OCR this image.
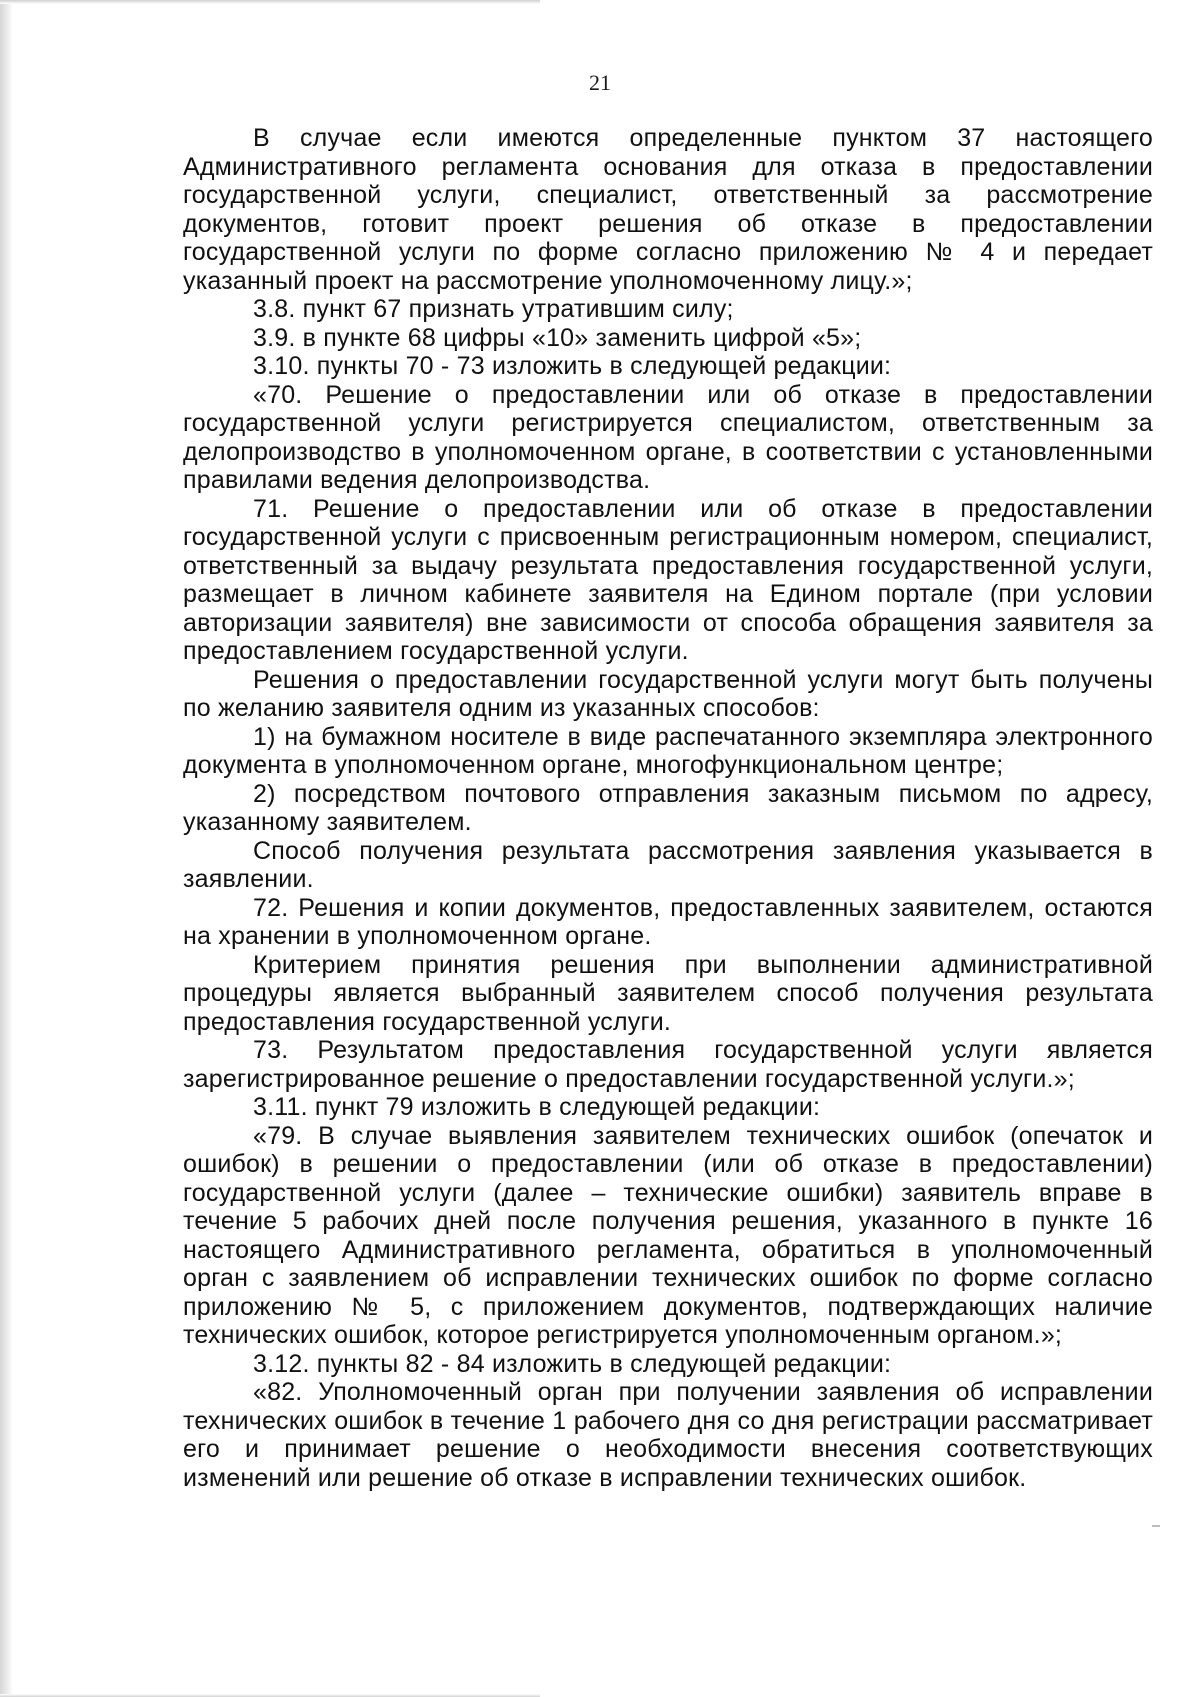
21

В случае если имеются определенные пунктом 37 настоящего Административного регламента основания для отказа в предоставлении государственной услуги, специалист, ответственный за рассмотрение документов, готовит проект решения об отказе в предоставлении государственной услуги по форме согласно приложению № 4 и передает указанный проект на рассмотрение уполномоченному лицу.»;

3.8. пункт 67 признать утратившим силу;

3.9. в пункте 68 цифры «10» заменить цифрой «5»;

3.10. пункты 70 - 73 изложить в следующей редакции:

«70. Решение о предоставлении или об отказе в предоставлении государственной услуги регистрируется специалистом, ответственным за делопроизводство в уполномоченном органе, в соответствии с установленными правилами ведения делопроизводства.

71. Решение о предоставлении или об отказе в предоставлении государственной услуги с присвоенным регистрационным номером, специалист, ответственный за выдачу результата предоставления государственной услуги, размещает в личном кабинете заявителя на Едином портале (при условии авторизации заявителя) вне зависимости от способа обращения заявителя за предоставлением государственной услуги.

Решения о предоставлении государственной услуги могут быть получены по желанию заявителя одним из указанных способов:

1) на бумажном носителе в виде распечатанного экземпляра электронного документа в уполномоченном органе, многофункциональном центре;

2) посредством почтового отправления заказным письмом по адресу, указанному заявителем.

Способ получения результата рассмотрения заявления указывается в заявлении.

72. Решения и копии документов, предоставленных заявителем, остаются на хранении в уполномоченном органе.

Критерием принятия решения при выполнении административной процедуры является выбранный заявителем способ получения результата предоставления государственной услуги.

73. Результатом предоставления государственной услуги является зарегистрированное решение о предоставлении государственной услуги.»;

3.11. пункт 79 изложить в следующей редакции:

«79. В случае выявления заявителем технических ошибок (опечаток и ошибок) в решении о предоставлении (или об отказе в предоставлении) государственной услуги (далее – технические ошибки) заявитель вправе в течение 5 рабочих дней после получения решения, указанного в пункте 16 настоящего Административного регламента, обратиться в уполномоченный орган с заявлением об исправлении технических ошибок по форме согласно приложению № 5, с приложением документов, подтверждающих наличие технических ошибок, которое регистрируется уполномоченным органом.»;

3.12. пункты 82 - 84 изложить в следующей редакции:

«82. Уполномоченный орган при получении заявления об исправлении технических ошибок в течение 1 рабочего дня со дня регистрации рассматривает его и принимает решение о необходимости внесения соответствующих изменений или решение об отказе в исправлении технических ошибок.
